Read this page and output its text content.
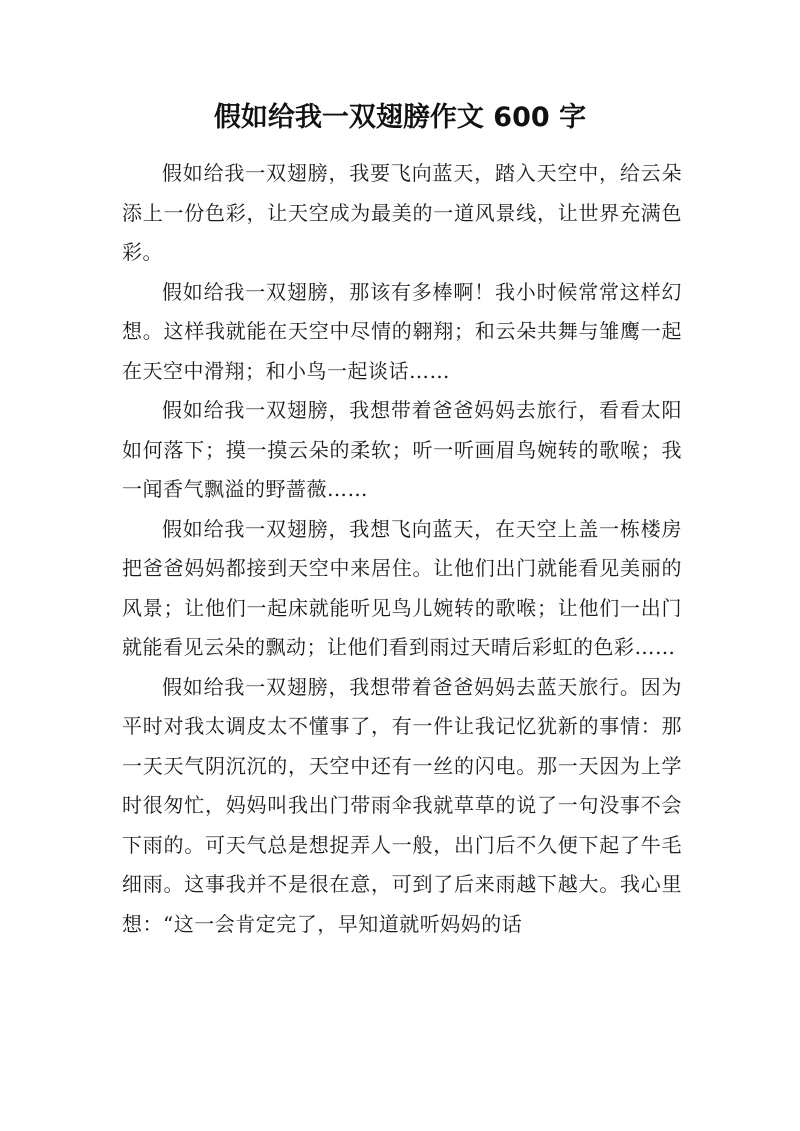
假如给我一双翅膀作文 600 字

假如给我一双翅膀，我要飞向蓝天，踏入天空中，给云朵添上一份色彩，让天空成为最美的一道风景线，让世界充满色彩。

假如给我一双翅膀，那该有多棒啊！我小时候常常这样幻想。这样我就能在天空中尽情的翱翔；和云朵共舞与雏鹰一起在天空中滑翔；和小鸟一起谈话……

假如给我一双翅膀，我想带着爸爸妈妈去旅行，看看太阳如何落下；摸一摸云朵的柔软；听一听画眉鸟婉转的歌喉；我一闻香气飘溢的野蔷薇……

假如给我一双翅膀，我想飞向蓝天，在天空上盖一栋楼房把爸爸妈妈都接到天空中来居住。让他们出门就能看见美丽的风景；让他们一起床就能听见鸟儿婉转的歌喉；让他们一出门就能看见云朵的飘动；让他们看到雨过天晴后彩虹的色彩……

假如给我一双翅膀，我想带着爸爸妈妈去蓝天旅行。因为平时对我太调皮太不懂事了，有一件让我记忆犹新的事情：那一天天气阴沉沉的，天空中还有一丝的闪电。那一天因为上学时很匆忙，妈妈叫我出门带雨伞我就草草的说了一句没事不会下雨的。可天气总是想捉弄人一般，出门后不久便下起了牛毛细雨。这事我并不是很在意，可到了后来雨越下越大。我心里想：“这一会肯定完了，早知道就听妈妈的话
